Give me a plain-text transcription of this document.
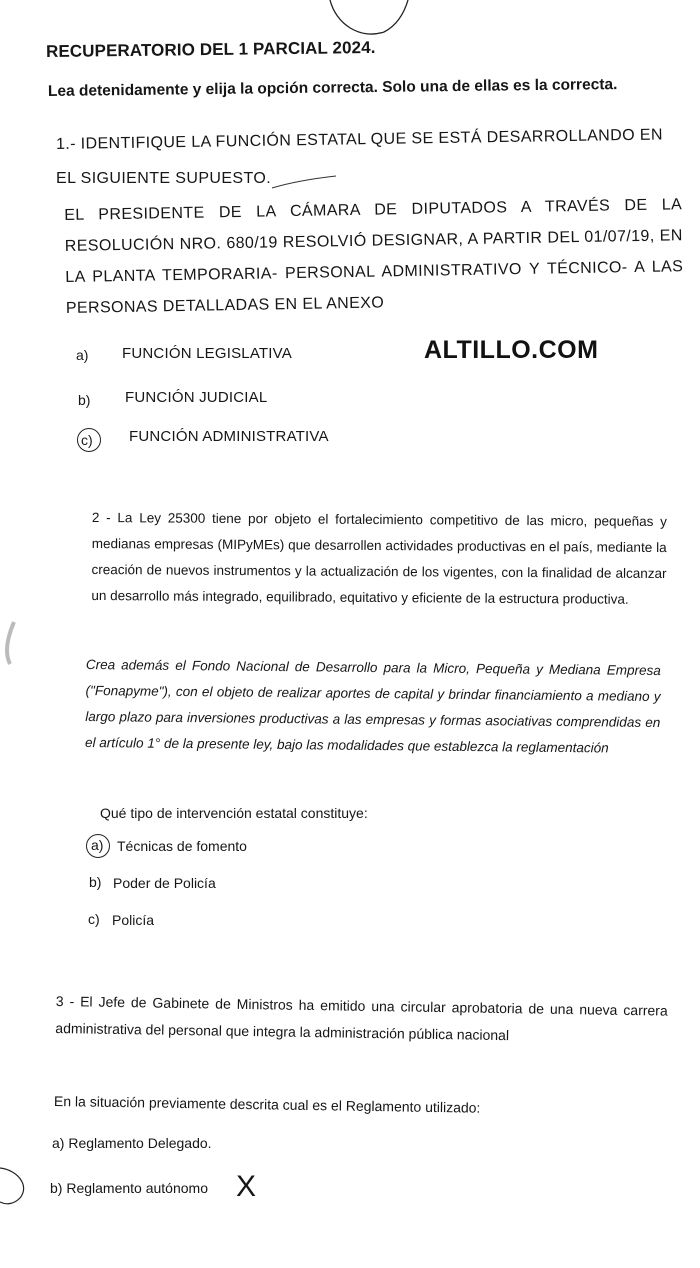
RECUPERATORIO DEL 1 PARCIAL 2024.
Lea detenidamente y elija la opción correcta. Solo una de ellas es la correcta.
1.- IDENTIFIQUE LA FUNCIÓN ESTATAL QUE SE ESTÁ DESARROLLANDO EN
EL SIGUIENTE SUPUESTO.
EL PRESIDENTE DE LA CÁMARA DE DIPUTADOS A TRAVÉS DE LA RESOLUCIÓN NRO. 680/19 RESOLVIÓ DESIGNAR, A PARTIR DEL 01/07/19, EN LA PLANTA TEMPORARIA- PERSONAL ADMINISTRATIVO Y TÉCNICO- A LAS PERSONAS DETALLADAS EN EL ANEXO
a) FUNCIÓN LEGISLATIVA	ALTILLO.COM
b) FUNCIÓN JUDICIAL
c) FUNCIÓN ADMINISTRATIVA
2 - La Ley 25300 tiene por objeto el fortalecimiento competitivo de las micro, pequeñas y medianas empresas (MIPyMEs) que desarrollen actividades productivas en el país, mediante la creación de nuevos instrumentos y la actualización de los vigentes, con la finalidad de alcanzar un desarrollo más integrado, equilibrado, equitativo y eficiente de la estructura productiva.
Crea además el Fondo Nacional de Desarrollo para la Micro, Pequeña y Mediana Empresa ("Fonapyme"), con el objeto de realizar aportes de capital y brindar financiamiento a mediano y largo plazo para inversiones productivas a las empresas y formas asociativas comprendidas en el artículo 1° de la presente ley, bajo las modalidades que establezca la reglamentación
Qué tipo de intervención estatal constituye:
a) Técnicas de fomento
b) Poder de Policía
c) Policía
3 - El Jefe de Gabinete de Ministros ha emitido una circular aprobatoria de una nueva carrera administrativa del personal que integra la administración pública nacional
En la situación previamente descrita cual es el Reglamento utilizado:
a) Reglamento Delegado.
b) Reglamento autónomo X
